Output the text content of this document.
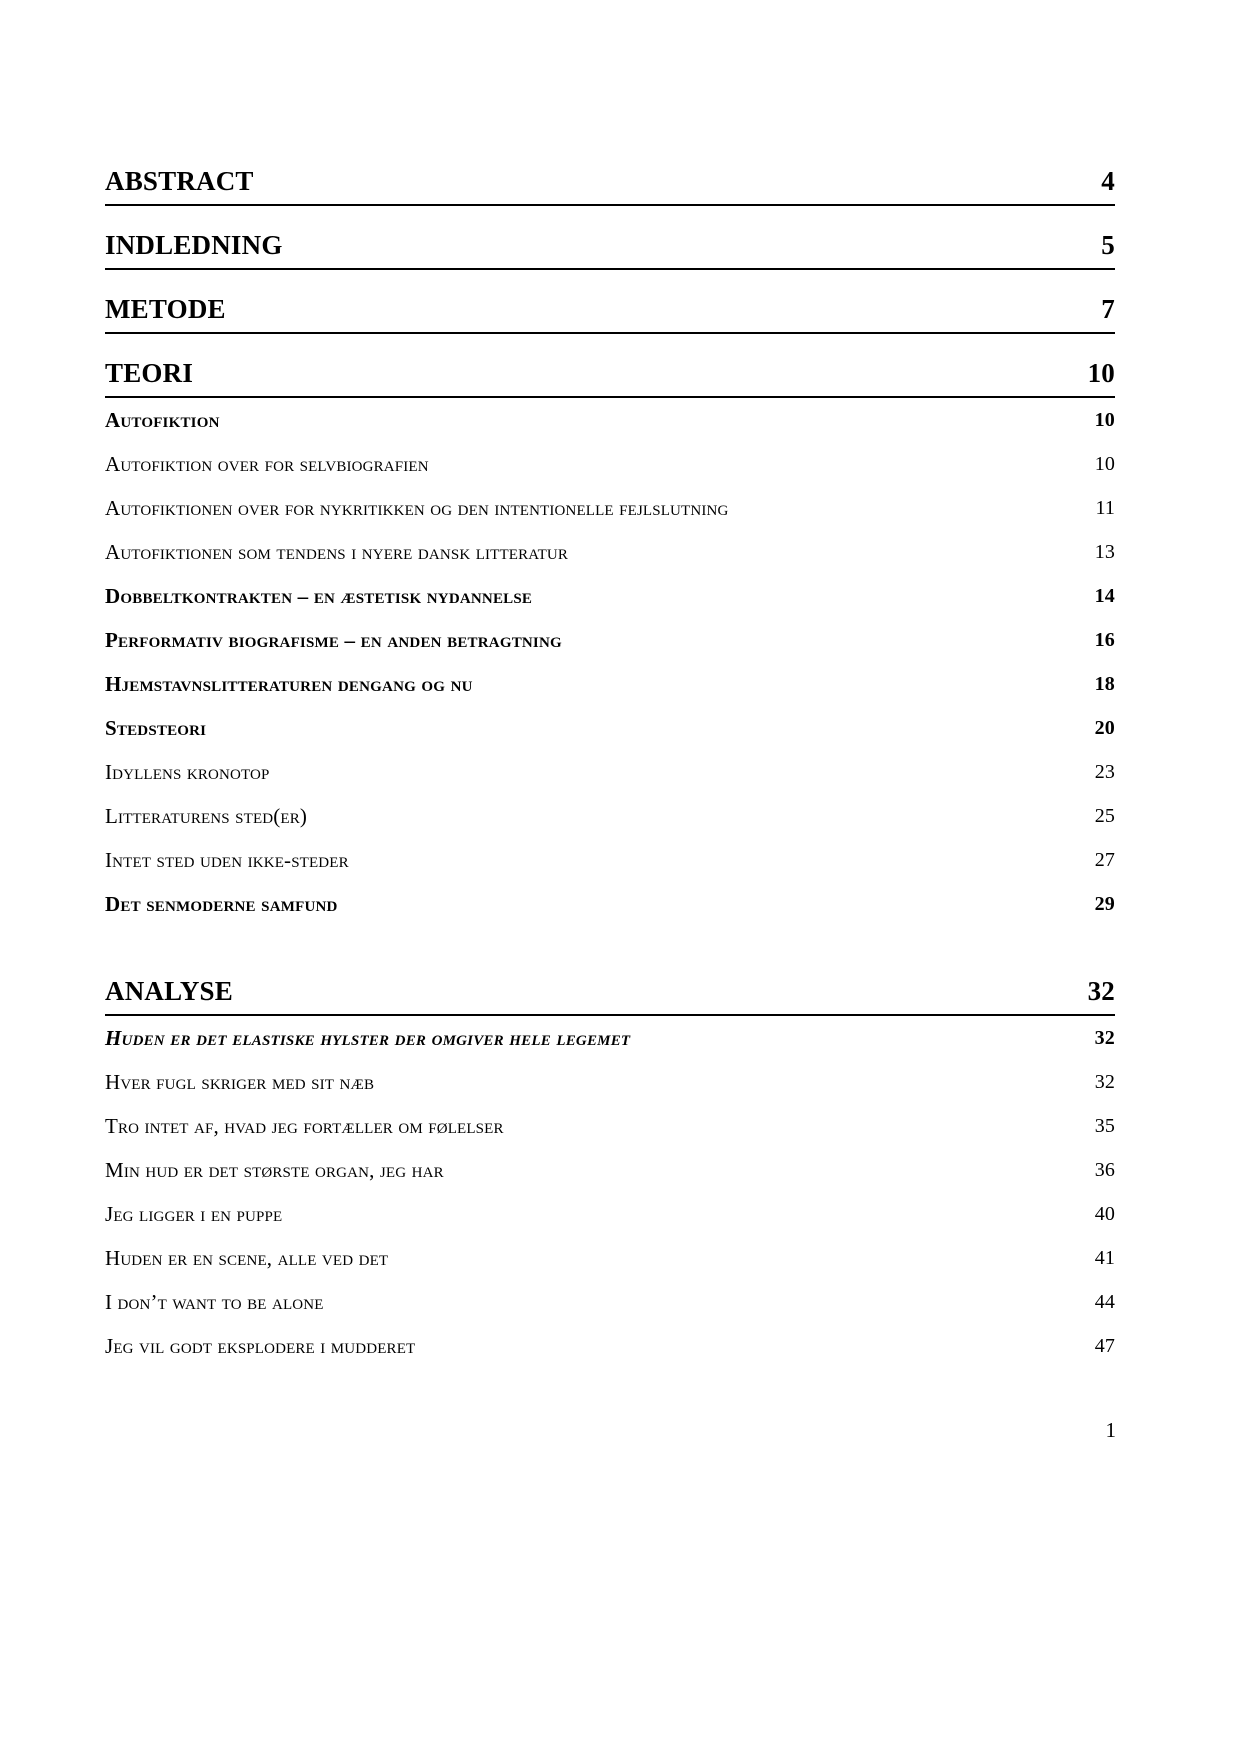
ABSTRACT	4
INDLEDNING	5
METODE	7
TEORI	10
Autofiktion	10
Autofiktion over for selvbiografien	10
Autofiktionen over for nykritikken og den intentionelle fejlslutning	11
Autofiktionen som tendens i nyere dansk litteratur	13
Dobbeltkontrakten – en æstetisk nydannelse	14
Performativ biografisme – en anden betragtning	16
Hjemstavnslitteraturen dengang og nu	18
Stedsteori	20
Idyllens kronotop	23
Litteraturens sted(er)	25
Intet sted uden ikke-steder	27
Det senmoderne samfund	29
ANALYSE	32
Huden er det elastiske hylster der omgiver hele legemet	32
Hver fugl skriger med sit næb	32
Tro intet af, hvad jeg fortæller om følelser	35
Min hud er det største organ, jeg har	36
Jeg ligger i en puppe	40
Huden er en scene, alle ved det	41
I don’t want to be alone	44
Jeg vil godt eksplodere i mudderet	47
1
